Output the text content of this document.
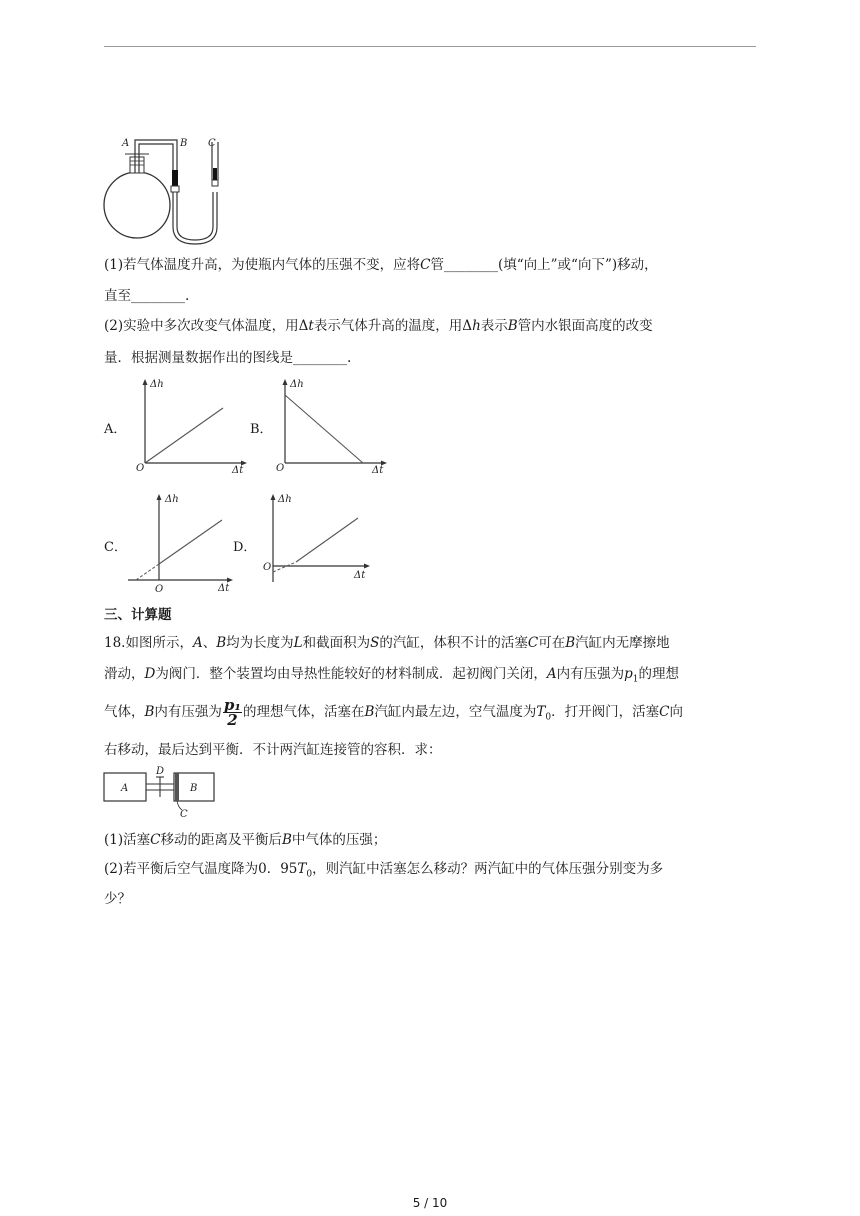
A	B C
(1)若气体温度升高，为使瓶内气体的压强不变，应将C管________(填“向上”或“向下”)移动，
直至________.
(2)实验中多次改变气体温度，用Δt表示气体升高的温度，用Δh表示B管内水银面高度的改变
量．根据测量数据作出的图线是________.
A．	B．
C．	D．
Δh
Δt
O
Δh
Δt
O
Δh
Δt
O
Δh
Δt
O
三、计算题
18.如图所示，A、B均为长度为L和截面积为S的汽缸，体积不计的活塞C可在B汽缸内无摩擦地
滑动，D为阀门．整个装置均由导热性能较好的材料制成．起初阀门关闭，A内有压强为$p_1$的理想
气体，B内有压强为 $\frac{\text{p₁}}{2}$ 的理想气体，活塞在B汽缸内最左边，空气温度为$T_0$．打开阀门，活塞C向
右移动，最后达到平衡．不计两汽缸连接管的容积．求：
A	B
C
D
(1)活塞C移动的距离及平衡后B中气体的压强；
(2)若平衡后空气温度降为0．$95T_0$，则汽缸中活塞怎么移动？两汽缸中的气体压强分别变为多
少？
5 / 10
